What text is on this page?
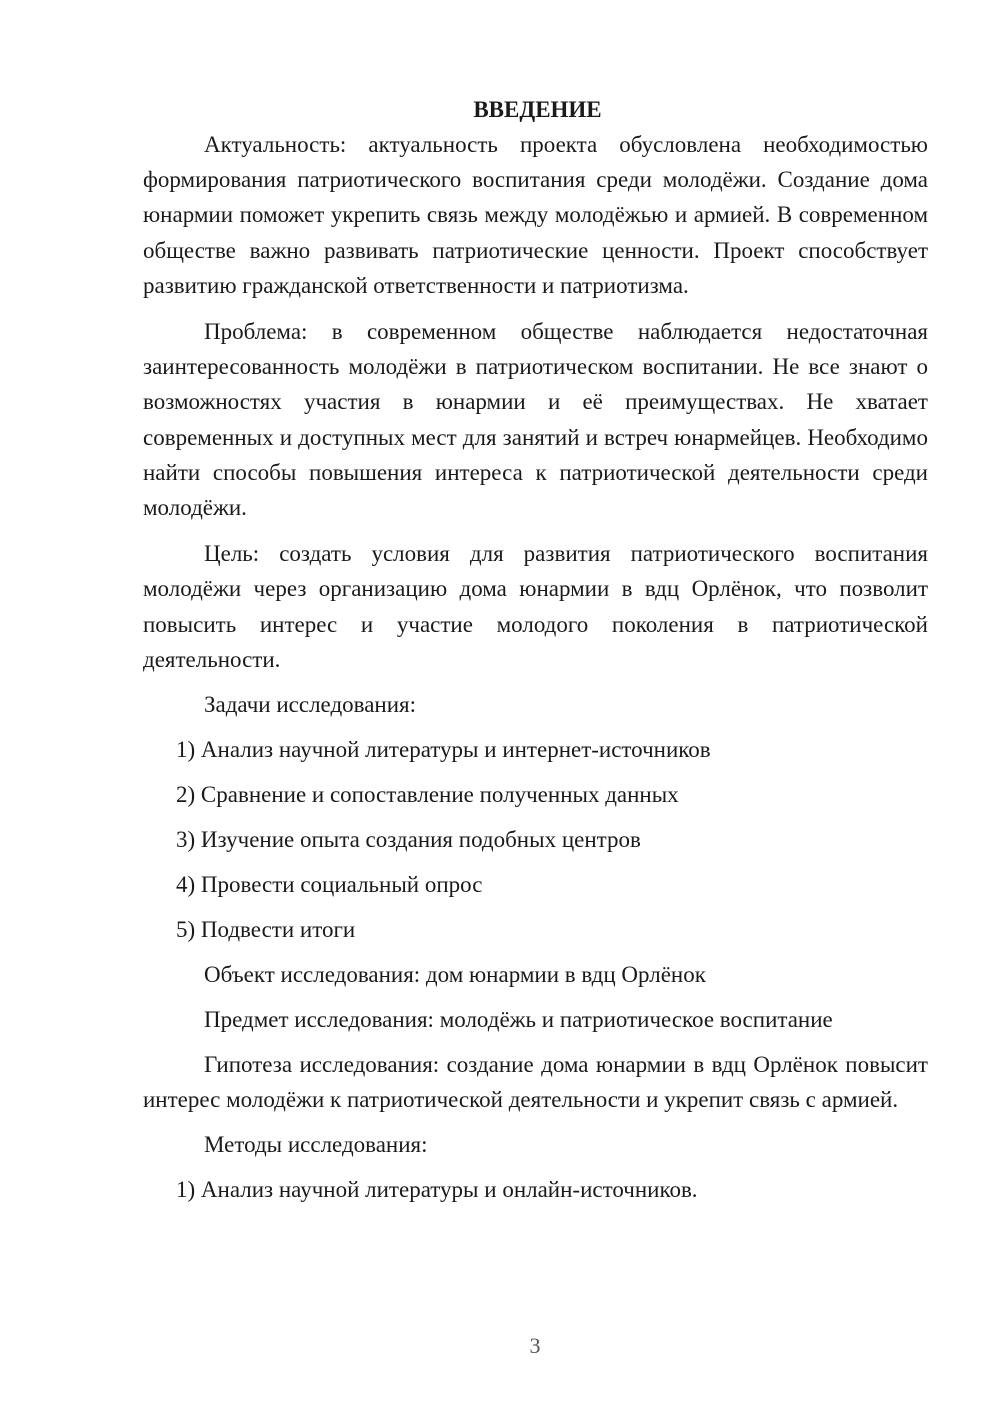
ВВЕДЕНИЕ

Актуальность: актуальность проекта обусловлена необходимостью формирования патриотического воспитания среди молодёжи. Создание дома юнармии поможет укрепить связь между молодёжью и армией. В современном обществе важно развивать патриотические ценности. Проект способствует развитию гражданской ответственности и патриотизма.

Проблема: в современном обществе наблюдается недостаточная заинтересованность молодёжи в патриотическом воспитании. Не все знают о возможностях участия в юнармии и её преимуществах. Не хватает современных и доступных мест для занятий и встреч юнармейцев. Необходимо найти способы повышения интереса к патриотической деятельности среди молодёжи.

Цель: создать условия для развития патриотического воспитания молодёжи через организацию дома юнармии в вдц Орлёнок, что позволит повысить интерес и участие молодого поколения в патриотической деятельности.

Задачи исследования:

1) Анализ научной литературы и интернет-источников

2) Сравнение и сопоставление полученных данных

3) Изучение опыта создания подобных центров

4) Провести социальный опрос

5) Подвести итоги

Объект исследования: дом юнармии в вдц Орлёнок

Предмет исследования: молодёжь и патриотическое воспитание

Гипотеза исследования: создание дома юнармии в вдц Орлёнок повысит интерес молодёжи к патриотической деятельности и укрепит связь с армией.

Методы исследования:

1) Анализ научной литературы и онлайн-источников.

3
